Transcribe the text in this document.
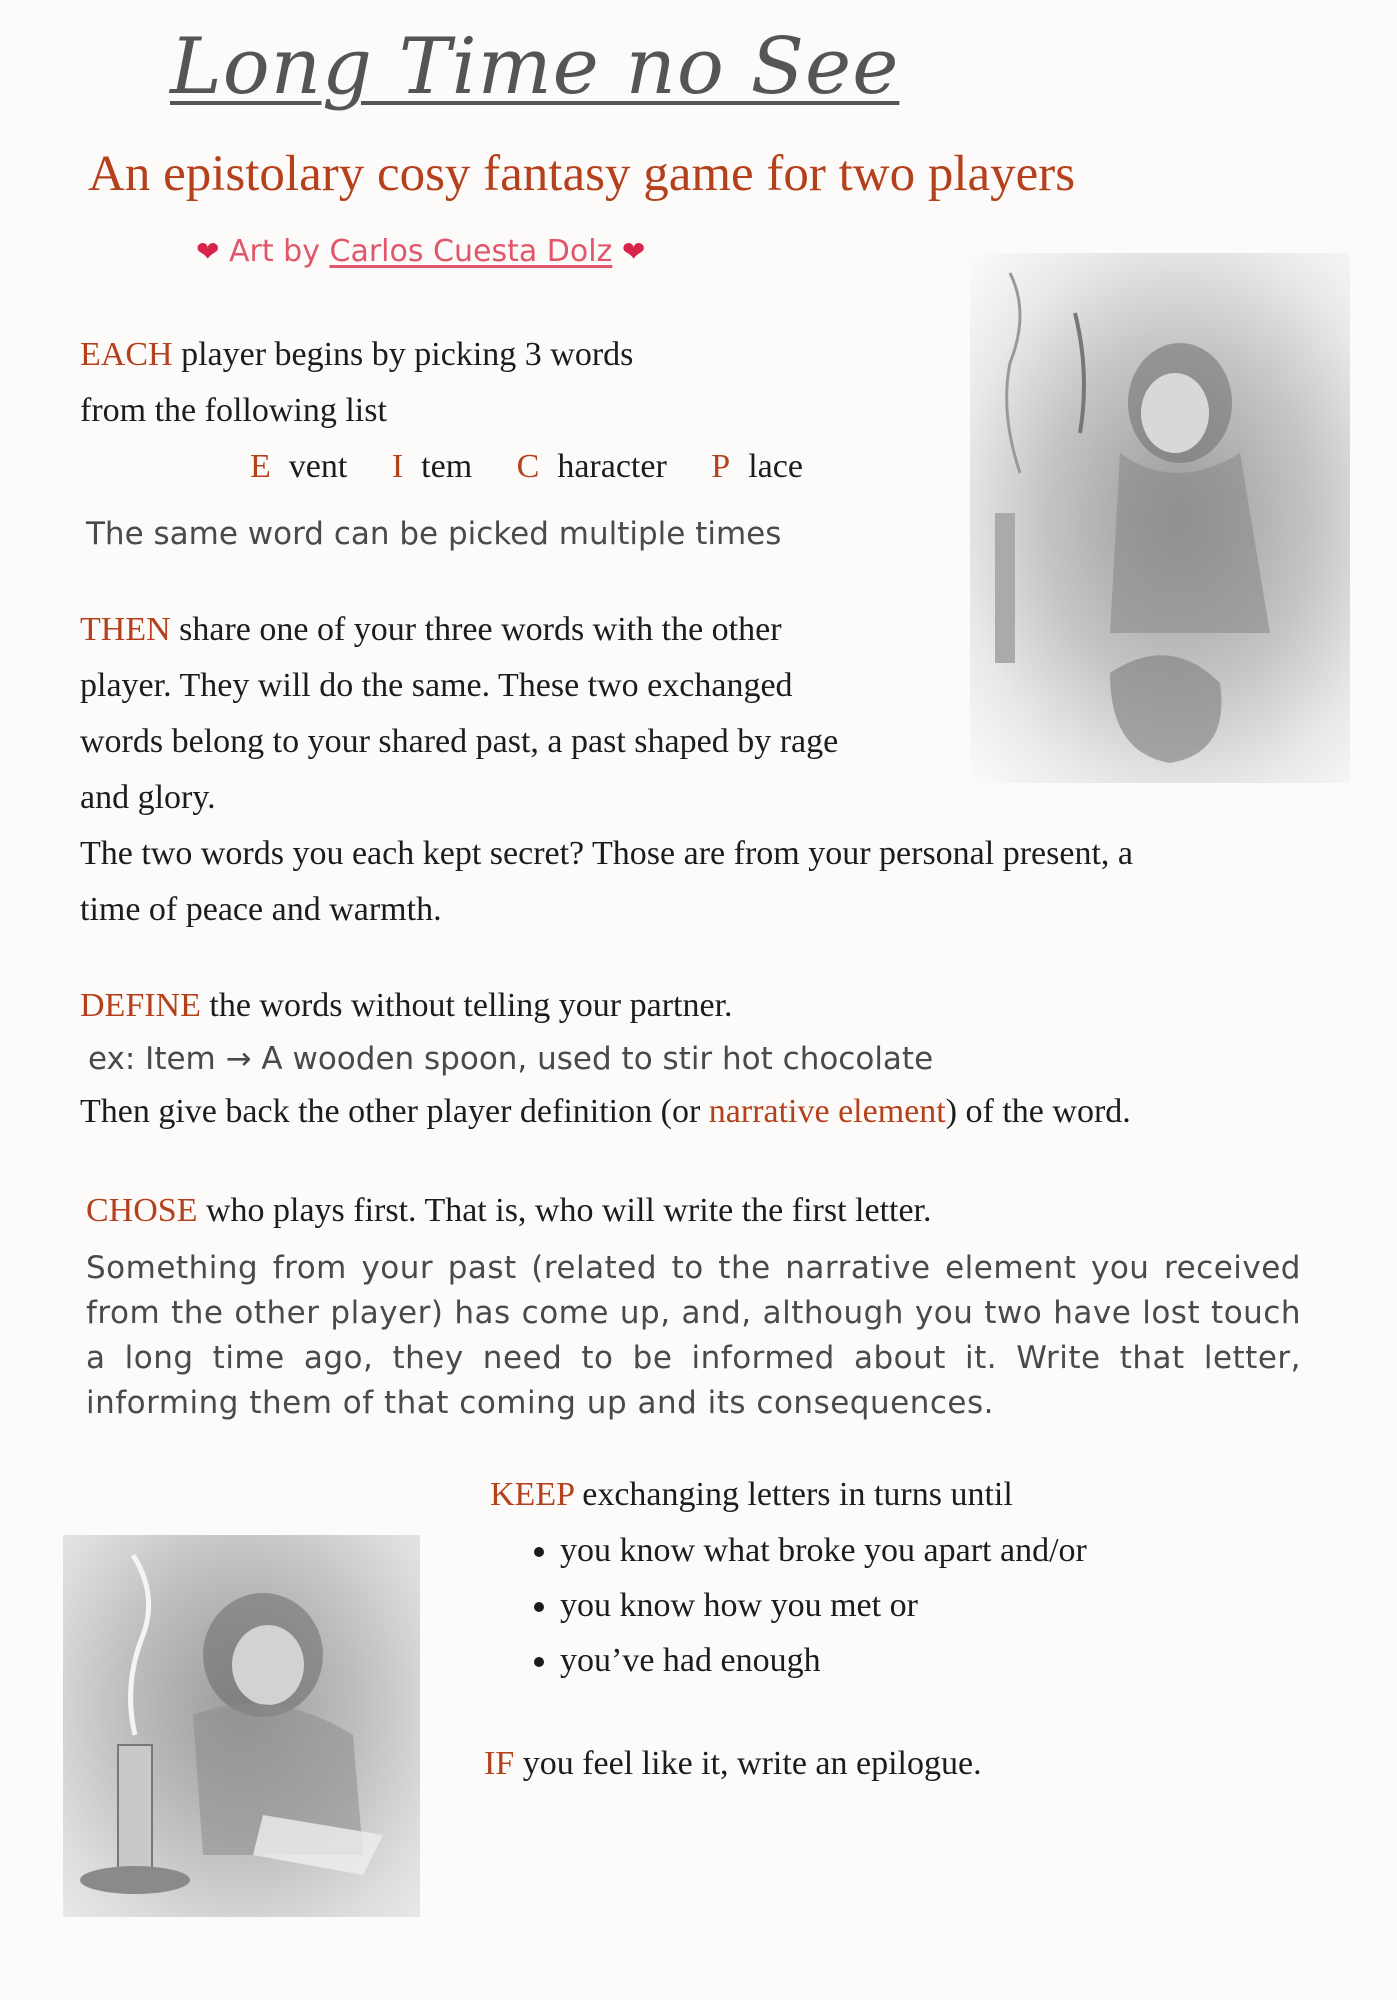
Long Time no See
An epistolary cosy fantasy game for two players
❤ Art by Carlos Cuesta Dolz ❤
EACH player begins by picking 3 words
from the following list
E vent I tem C haracter P lace
The same word can be picked multiple times
THEN share one of your three words with the other
player. They will do the same. These two exchanged
words belong to your shared past, a past shaped by rage
and glory.
The two words you each kept secret? Those are from your personal present, a
time of peace and warmth.
DEFINE the words without telling your partner.
ex: Item → A wooden spoon, used to stir hot chocolate
Then give back the other player definition (or narrative element) of the word.
CHOSE who plays first. That is, who will write the first letter.
Something from your past (related to the narrative element you received from the other player) has come up, and, although you two have lost touch a long time ago, they need to be informed about it. Write that letter, informing them of that coming up and its consequences.
KEEP exchanging letters in turns until
• you know what broke you apart and/or
• you know how you met or
• you’ve had enough
IF you feel like it, write an epilogue.
